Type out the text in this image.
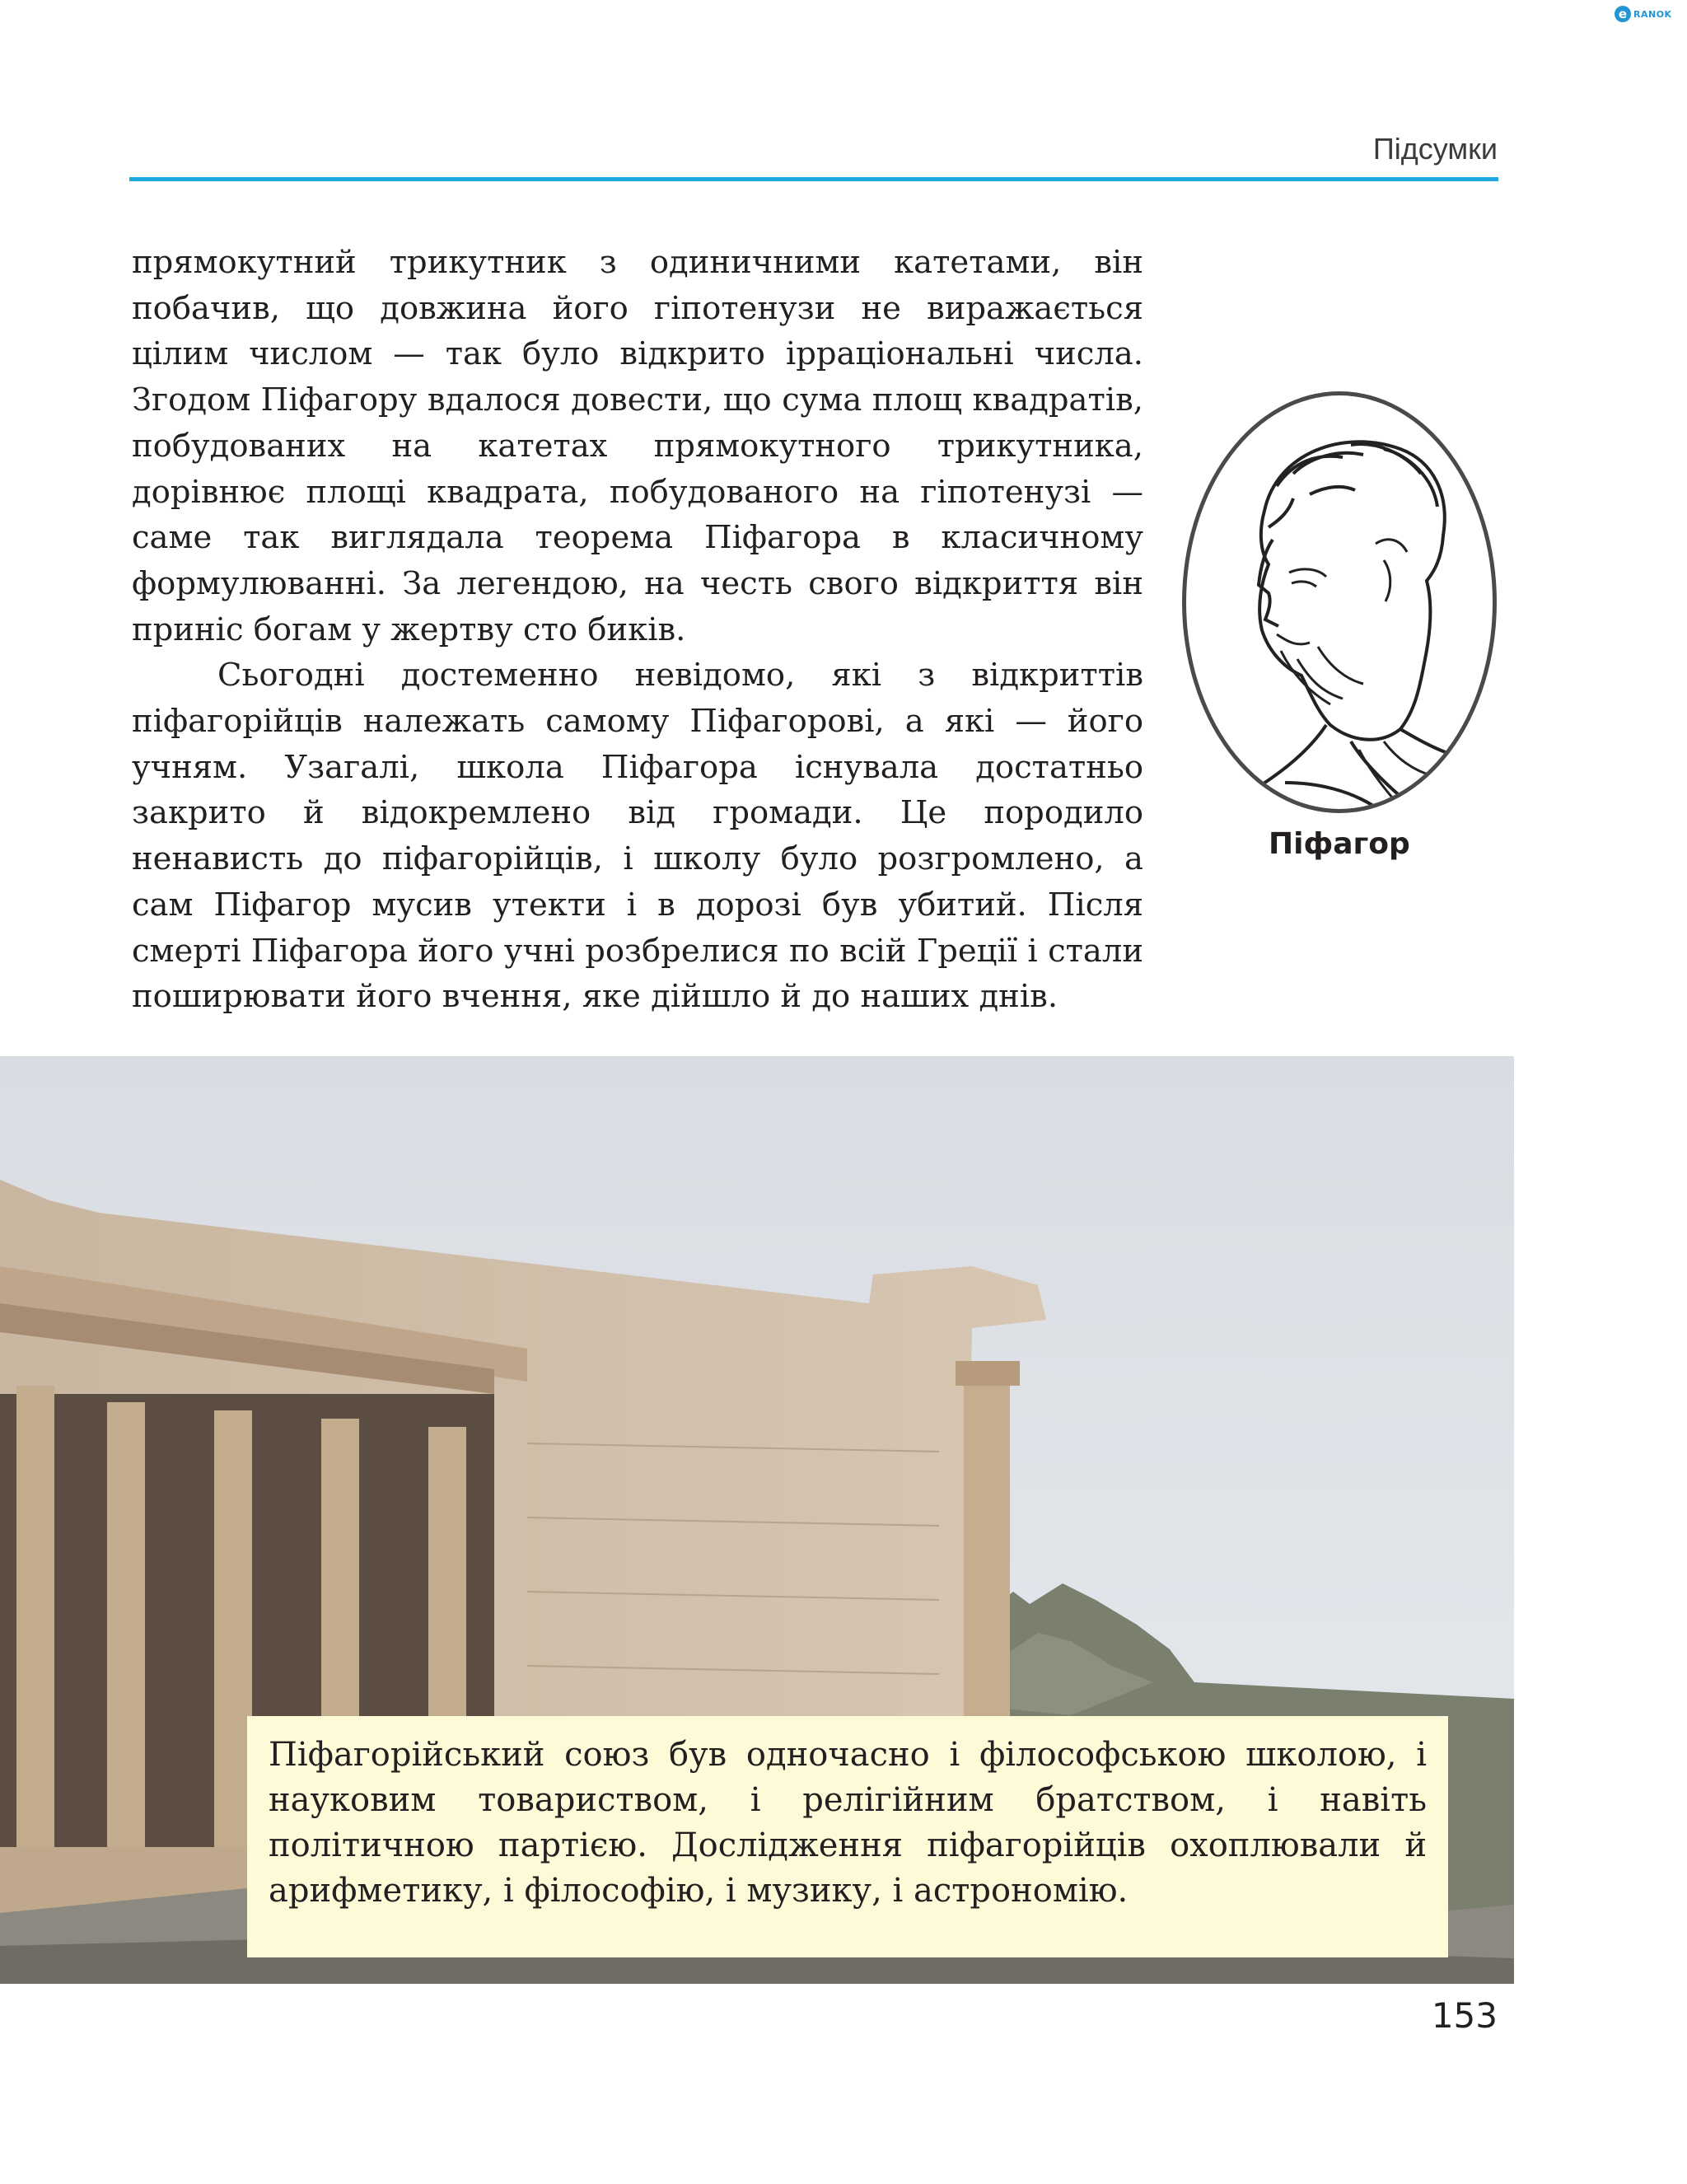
e RANOK
Підсумки

прямокутний трикутник з одиничними катетами, він побачив, що довжина його гіпотенузи не виражається цілим числом — так було відкрито ірраціональні числа. Згодом Піфагору вдалося довести, що сума площ квадратів, побудованих на катетах прямокутного трикутника, дорівнює площі квадрата, побудованого на гіпотенузі — саме так виглядала теорема Піфагора в класичному формулюванні. За легендою, на честь свого відкриття він приніс богам у жертву сто биків.

Сьогодні достеменно невідомо, які з відкриттів піфагорійців належать самому Піфагорові, а які — його учням. Узагалі, школа Піфагора існувала достатньо закрито й відокремлено від громади. Це породило ненависть до піфагорійців, і школу було розгромлено, а сам Піфагор мусив утекти і в дорозі був убитий. Після смерті Піфагора його учні розбрелися по всій Греції і стали поширювати його вчення, яке дійшло й до наших днів.

Піфагор
Піфагорійський союз був одночасно і філософською школою, і науковим товариством, і релігійним братством, і навіть політичною партією. Дослідження піфагорійців охоплювали й арифметику, і філософію, і музику, і астрономію.
153
